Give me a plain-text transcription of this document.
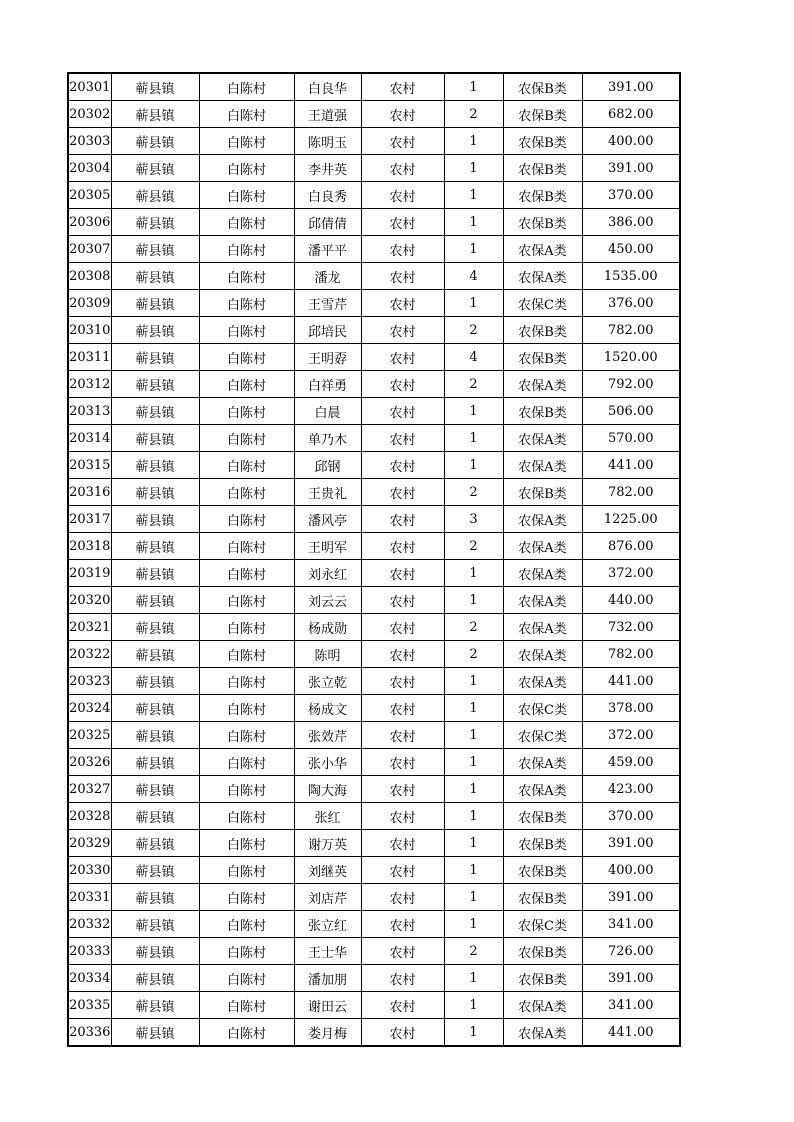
20301	蕲县镇	白陈村	白良华	农村	1	农保B类	391.00
20302	蕲县镇	白陈村	王道强	农村	2	农保B类	682.00
20303	蕲县镇	白陈村	陈明玉	农村	1	农保B类	400.00
20304	蕲县镇	白陈村	李井英	农村	1	农保B类	391.00
20305	蕲县镇	白陈村	白良秀	农村	1	农保B类	370.00
20306	蕲县镇	白陈村	邱倩倩	农村	1	农保B类	386.00
20307	蕲县镇	白陈村	潘平平	农村	1	农保A类	450.00
20308	蕲县镇	白陈村	潘龙	农村	4	农保A类	1535.00
20309	蕲县镇	白陈村	王雪芹	农村	1	农保C类	376.00
20310	蕲县镇	白陈村	邱培民	农村	2	农保B类	782.00
20311	蕲县镇	白陈村	王明孬	农村	4	农保B类	1520.00
20312	蕲县镇	白陈村	白祥勇	农村	2	农保A类	792.00
20313	蕲县镇	白陈村	白晨	农村	1	农保B类	506.00
20314	蕲县镇	白陈村	单乃木	农村	1	农保A类	570.00
20315	蕲县镇	白陈村	邱钢	农村	1	农保A类	441.00
20316	蕲县镇	白陈村	王贵礼	农村	2	农保B类	782.00
20317	蕲县镇	白陈村	潘风亭	农村	3	农保A类	1225.00
20318	蕲县镇	白陈村	王明军	农村	2	农保A类	876.00
20319	蕲县镇	白陈村	刘永红	农村	1	农保A类	372.00
20320	蕲县镇	白陈村	刘云云	农村	1	农保A类	440.00
20321	蕲县镇	白陈村	杨成勋	农村	2	农保A类	732.00
20322	蕲县镇	白陈村	陈明	农村	2	农保A类	782.00
20323	蕲县镇	白陈村	张立乾	农村	1	农保A类	441.00
20324	蕲县镇	白陈村	杨成文	农村	1	农保C类	378.00
20325	蕲县镇	白陈村	张效芹	农村	1	农保C类	372.00
20326	蕲县镇	白陈村	张小华	农村	1	农保A类	459.00
20327	蕲县镇	白陈村	陶大海	农村	1	农保A类	423.00
20328	蕲县镇	白陈村	张红	农村	1	农保B类	370.00
20329	蕲县镇	白陈村	谢万英	农村	1	农保B类	391.00
20330	蕲县镇	白陈村	刘继英	农村	1	农保B类	400.00
20331	蕲县镇	白陈村	刘店芹	农村	1	农保B类	391.00
20332	蕲县镇	白陈村	张立红	农村	1	农保C类	341.00
20333	蕲县镇	白陈村	王士华	农村	2	农保B类	726.00
20334	蕲县镇	白陈村	潘加朋	农村	1	农保B类	391.00
20335	蕲县镇	白陈村	谢田云	农村	1	农保A类	341.00
20336	蕲县镇	白陈村	娄月梅	农村	1	农保A类	441.00
